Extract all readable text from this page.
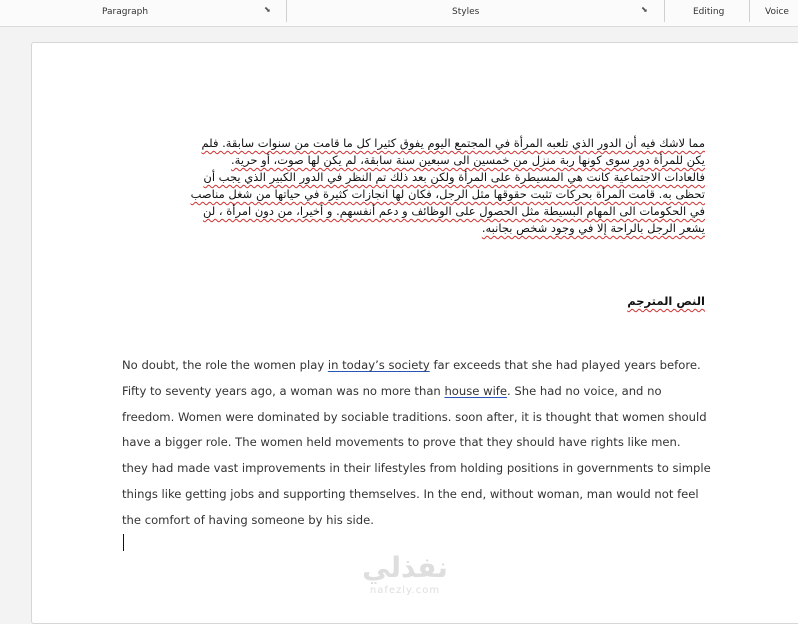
Paragraph	⬊	Styles	⬊	Editing	Voice
مما لاشك فيه أن الدور الذي تلعبه المرأة في المجتمع اليوم يفوق كثيرا كل ما قامت من سنوات سابقة. فلم
يكن للمرأة دور سوى كونها ربة منزل من خمسين الى سبعين سنة سابقة، لم يكن لها صوت، أو حرية.
فالعادات الاجتماعية كانت هي المسيطرة على المرأة ولكن بعد ذلك تم النظر في الدور الكبير الذي يجب أن
تحظى به. قامت المرأة بحركات تثبت حقوقها مثل الرجل، فكان لها انجازات كثيرة في حياتها من شغل مناصب
في الحكومات الى المهام البسيطة مثل الحصول على الوظائف و دعم أنفسهم. و أخيرا، من دون امرأة ، لن
يشعر الرجل بالراحة إلا في وجود شخص بجانبه.
النص المترجم
No doubt, the role the women play in today’s society far exceeds that she had played years before.
Fifty to seventy years ago, a woman was no more than house wife. She had no voice, and no
freedom. Women were dominated by sociable traditions. soon after, it is thought that women should
have a bigger role. The women held movements to prove that they should have rights like men.
they had made vast improvements in their lifestyles from holding positions in governments to simple
things like getting jobs and supporting themselves. In the end, without woman, man would not feel
the comfort of having someone by his side.
نفذلي
nafezly.com
